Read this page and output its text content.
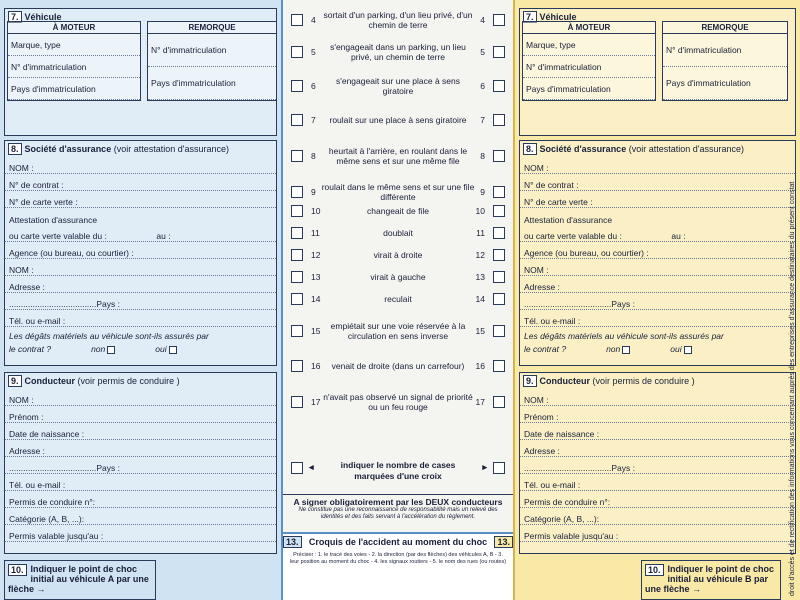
7. Véhicule
À MOTEUR
Marque, type
N° d'immatriculation
Pays d'immatriculation
REMORQUE
N° d'immatriculation
Pays d'immatriculation
8. Société d'assurance (voir attestation d'assurance)
NOM :
N° de contrat :
N° de carte verte :
Attestation d'assurance
ou carte verte valable du :                     au :
Agence (ou bureau, ou courtier) :
NOM :
Adresse :
.....................................Pays :
Tél. ou e-mail :
Les dégâts matériels au véhicule sont-ils assurés par
le contrat ?	non	oui
9. Conducteur (voir permis de conduire )
NOM :
Prénom :
Date de naissance :
Adresse :
.....................................Pays :
Tél. ou e-mail :
Permis de conduire n°:
Catégorie (A, B, ...):
Permis valable jusqu'au :
10. Indiquer le point de choc initial au véhicule A par une flèche →
4 sortait d'un parking, d'un lieu privé, d'un chemin de terre	4
5	s'engageait dans un parking, un lieu privé, un chemin de terre	5
6	s'engageait sur une place à sens giratoire	6
7	roulait sur une place à sens giratoire	7
8	heurtait à l'arrière, en roulant dans le même sens et sur une même file	8
9 roulait dans le même sens et sur une file différente	9
10	changeait de file	10
11	doublait	11
12	virait à droite	12
13	virait à gauche	13
14	reculait	14
15	empiétait sur une voie réservée à la circulation en sens inverse	15
16	venait de droite (dans un carrefour)	16
17 n'avait pas observé un signal de priorité ou un feu rouge	17
◄	indiquer le nombre de cases marquées d'une croix
►
A signer obligatoirement par les DEUX conducteurs
Ne constitue pas une reconnaissance de responsabilité mais un relevé des identités et des faits servant à l'accélération du règlement.
13.	Croquis de l'accident au moment du choc	13.
Préciser : 1. le tracé des voies - 2. la direction (par des flèches) des véhicules A, B - 3. leur position au moment du choc - 4. les signaux routiers - 5. le nom des rues (ou routes)
7. Véhicule
À MOTEUR
Marque, type
N° d'immatriculation
Pays d'immatriculation
REMORQUE
N° d'immatriculation
Pays d'immatriculation
8. Société d'assurance (voir attestation d'assurance)
NOM :
N° de contrat :
N° de carte verte :
Attestation d'assurance
ou carte verte valable du :                     au :
Agence (ou bureau, ou courtier) :
NOM :
Adresse :
.....................................Pays :
Tél. ou e-mail :
Les dégâts matériels au véhicule sont-ils assurés par
le contrat ?	non	oui
9. Conducteur (voir permis de conduire )
NOM :
Prénom :
Date de naissance :
Adresse :
.....................................Pays :
Tél. ou e-mail :
Permis de conduire n°:
Catégorie (A, B, ...):
Permis valable jusqu'au :
10. Indiquer le point de choc initial au véhicule B par une flèche →	droit d'accès et de rectification des informations vous concernant auprès des entreprises d'assurance destinataires du présent constat
